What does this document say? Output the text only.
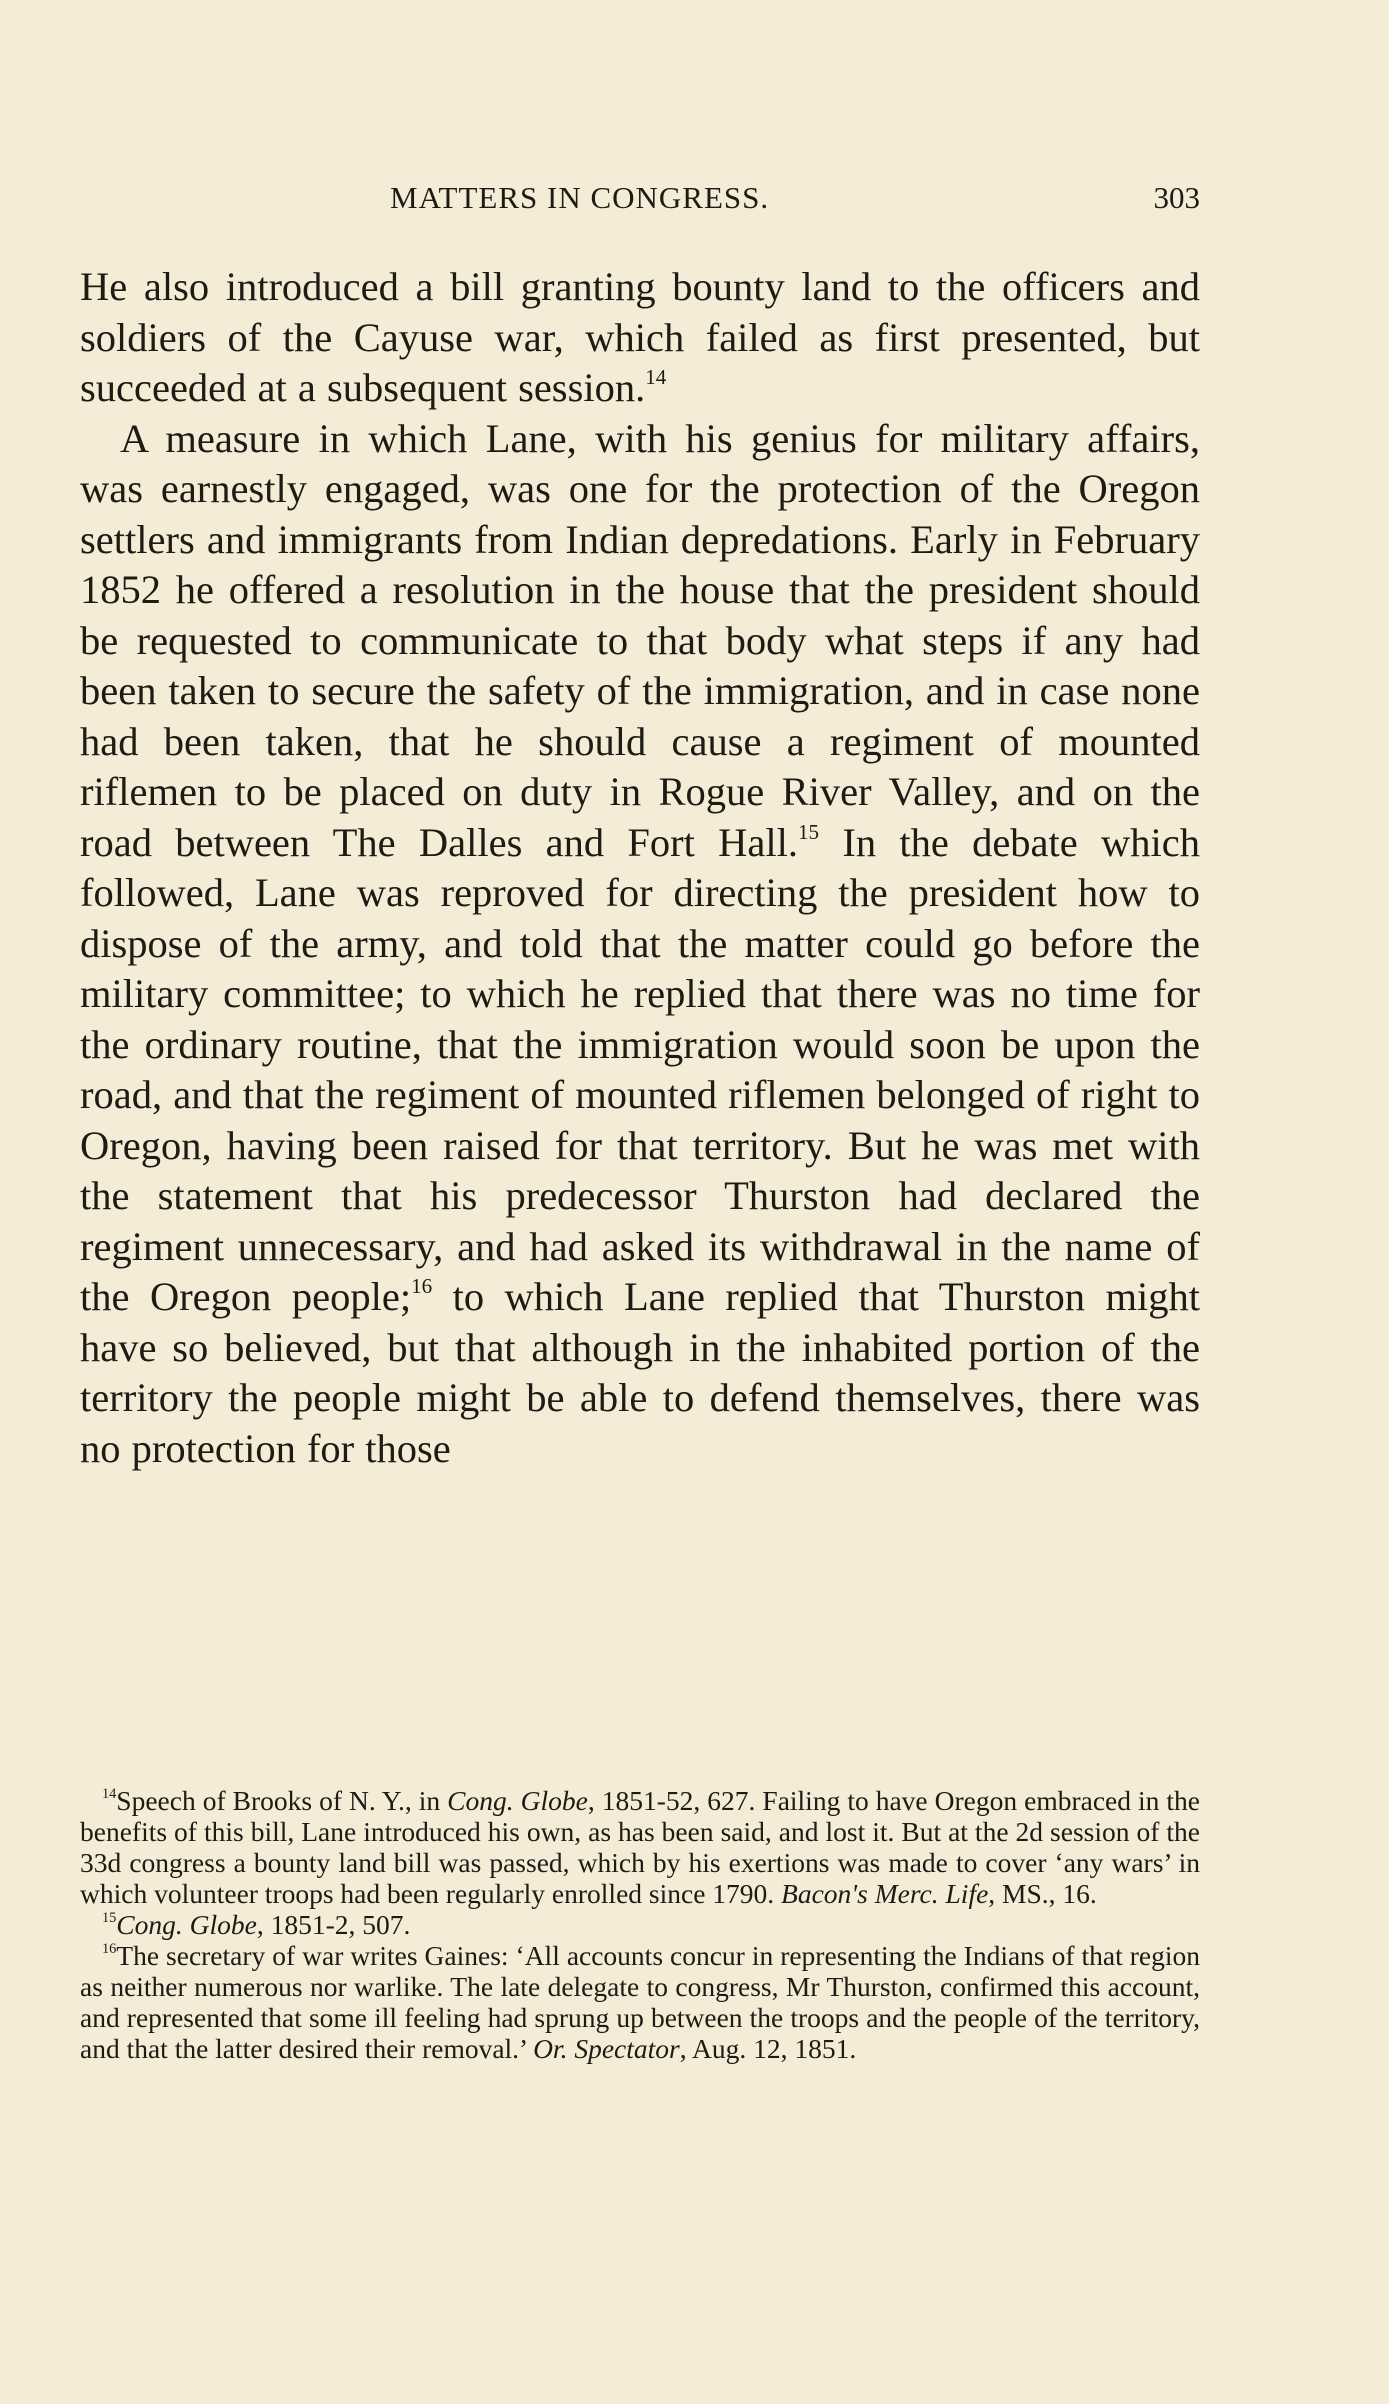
MATTERS IN CONGRESS.	303

He also introduced a bill granting bounty land to the officers and soldiers of the Cayuse war, which failed as first presented, but succeeded at a subsequent session.$^{14}$

A measure in which Lane, with his genius for military affairs, was earnestly engaged, was one for the protection of the Oregon settlers and immigrants from Indian depredations. Early in February 1852 he offered a resolution in the house that the president should be requested to communicate to that body what steps if any had been taken to secure the safety of the immigration, and in case none had been taken, that he should cause a regiment of mounted riflemen to be placed on duty in Rogue River Valley, and on the road between The Dalles and Fort Hall.$^{15}$ In the debate which followed, Lane was reproved for directing the president how to dispose of the army, and told that the matter could go before the military committee; to which he replied that there was no time for the ordinary routine, that the immigration would soon be upon the road, and that the regiment of mounted riflemen belonged of right to Oregon, having been raised for that territory. But he was met with the statement that his predecessor Thurston had declared the regiment unnecessary, and had asked its withdrawal in the name of the Oregon people;$^{16}$ to which Lane replied that Thurston might have so believed, but that although in the inhabited portion of the territory the people might be able to defend themselves, there was no protection for those

$^{14}$Speech of Brooks of N. Y., in Cong. Globe, 1851-52, 627. Failing to have Oregon embraced in the benefits of this bill, Lane introduced his own, as has been said, and lost it. But at the 2d session of the 33d congress a bounty land bill was passed, which by his exertions was made to cover ‘any wars’ in which volunteer troops had been regularly enrolled since 1790. Bacon's Merc. Life, MS., 16.

$^{15}$Cong. Globe, 1851-2, 507.

$^{16}$The secretary of war writes Gaines: ‘All accounts concur in representing the Indians of that region as neither numerous nor warlike. The late delegate to congress, Mr Thurston, confirmed this account, and represented that some ill feeling had sprung up between the troops and the people of the territory, and that the latter desired their removal.’ Or. Spectator, Aug. 12, 1851.
